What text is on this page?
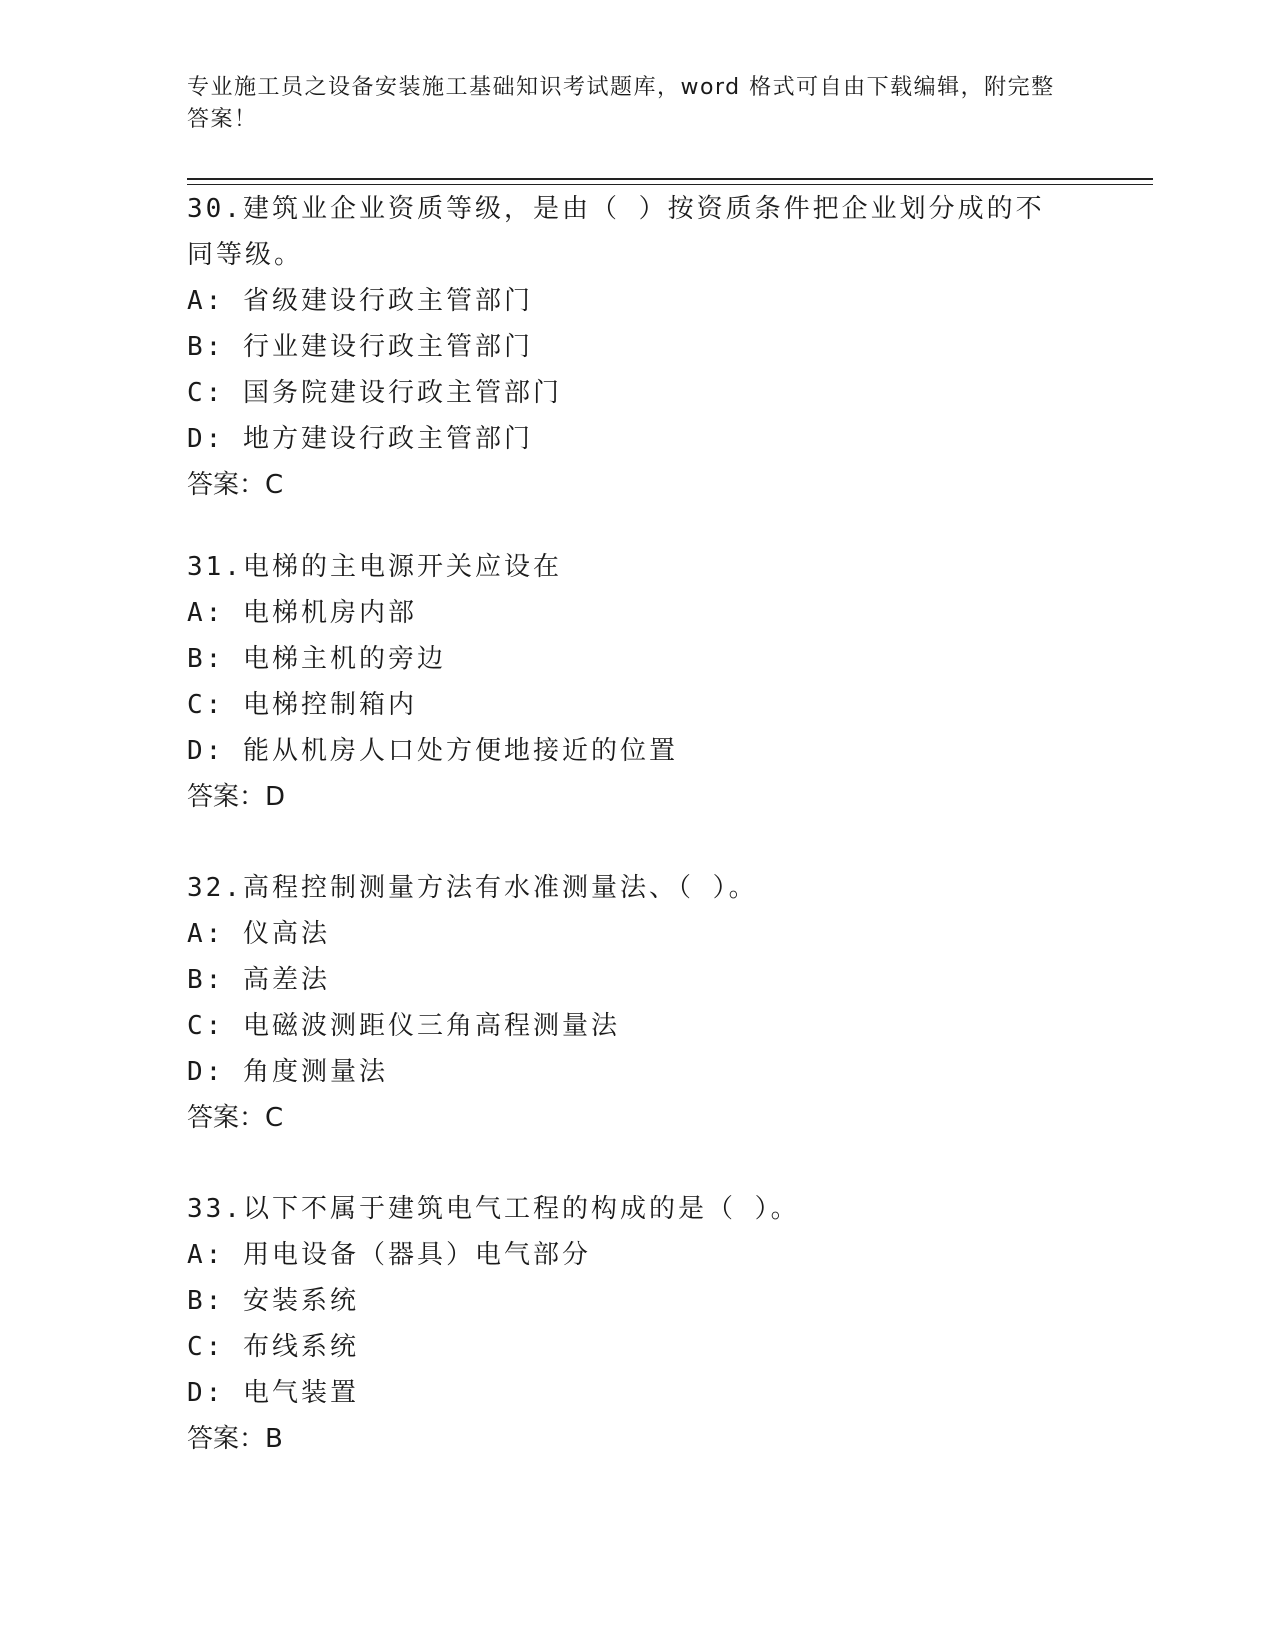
专业施工员之设备安装施工基础知识考试题库，word 格式可自由下载编辑，附完整答案！
30.建筑业企业资质等级，是由（ ）按资质条件把企业划分成的不同等级。
A: 省级建设行政主管部门
B: 行业建设行政主管部门
C: 国务院建设行政主管部门
D: 地方建设行政主管部门
答案：C
31.电梯的主电源开关应设在
A: 电梯机房内部
B: 电梯主机的旁边
C: 电梯控制箱内
D: 能从机房人口处方便地接近的位置
答案：D
32.高程控制测量方法有水准测量法、（ ）。
A: 仪高法
B: 高差法
C: 电磁波测距仪三角高程测量法
D: 角度测量法
答案：C
33.以下不属于建筑电气工程的构成的是（ ）。
A: 用电设备（器具）电气部分
B: 安装系统
C: 布线系统
D: 电气装置
答案：B
